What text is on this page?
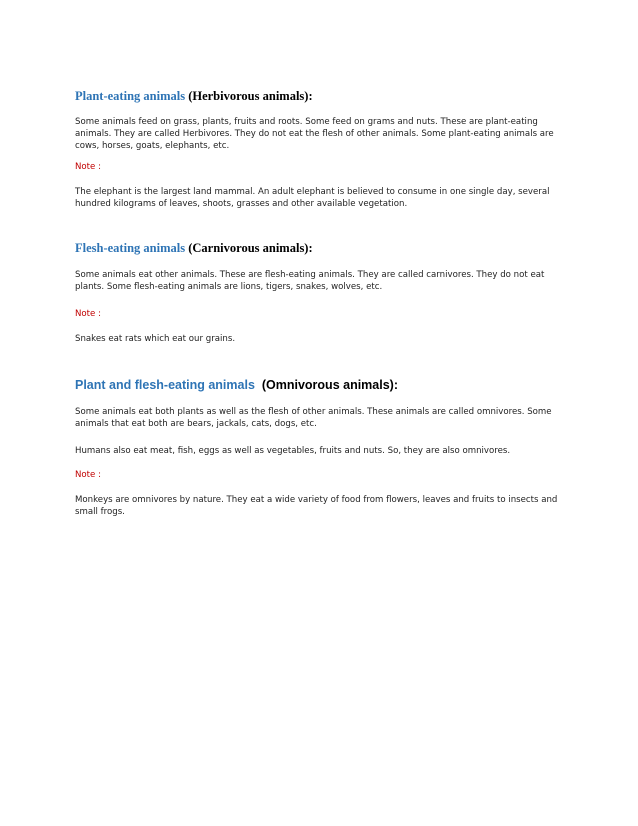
Plant-eating animals (Herbivorous animals):

Some animals feed on grass, plants, fruits and roots. Some feed on grams and nuts. These are plant-eating animals. They are called Herbivores. They do not eat the flesh of other animals. Some plant-eating animals are cows, horses, goats, elephants, etc.

Note :

The elephant is the largest land mammal. An adult elephant is believed to consume in one single day, several hundred kilograms of leaves, shoots, grasses and other available vegetation.

Flesh-eating animals (Carnivorous animals):

Some animals eat other animals. These are flesh-eating animals. They are called carnivores. They do not eat plants. Some flesh-eating animals are lions, tigers, snakes, wolves, etc.

Note :

Snakes eat rats which eat our grains.

Plant and flesh-eating animals (Omnivorous animals):

Some animals eat both plants as well as the flesh of other animals. These animals are called omnivores. Some animals that eat both are bears, jackals, cats, dogs, etc.

Humans also eat meat, fish, eggs as well as vegetables, fruits and nuts. So, they are also omnivores.

Note :

Monkeys are omnivores by nature. They eat a wide variety of food from flowers, leaves and fruits to insects and small frogs.
